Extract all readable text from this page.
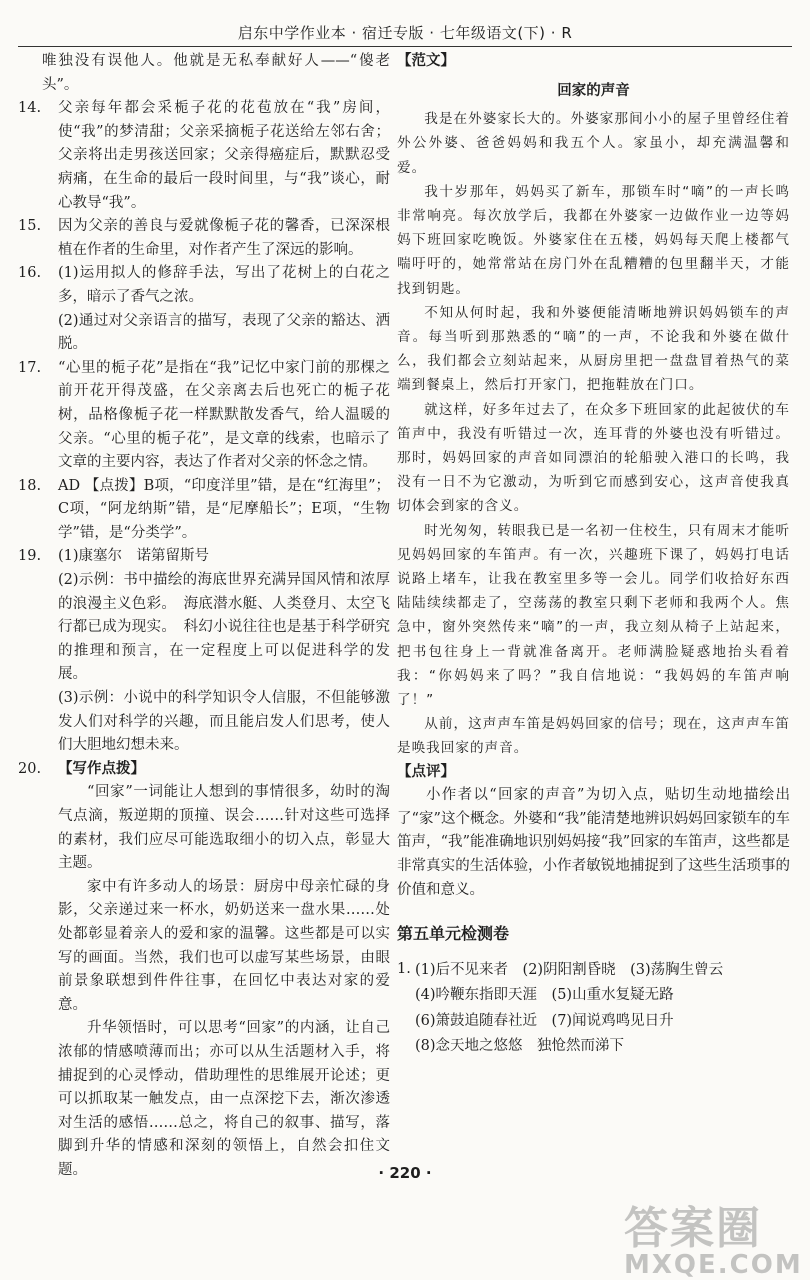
启东中学作业本 · 宿迁专版 · 七年级语文(下) · R

唯独没有误他人。他就是无私奉献好人——“傻老头”。

14.	父亲每年都会采栀子花的花苞放在“我”房间，使“我”的梦清甜；父亲采摘栀子花送给左邻右舍；父亲将出走男孩送回家；父亲得癌症后，默默忍受病痛，在生命的最后一段时间里，与“我”谈心，耐心教导“我”。

15.	因为父亲的善良与爱就像栀子花的馨香，已深深根植在作者的生命里，对作者产生了深远的影响。

16.	(1)运用拟人的修辞手法，写出了花树上的白花之多，暗示了香气之浓。

(2)通过对父亲语言的描写，表现了父亲的豁达、洒脱。

17.	“心里的栀子花”是指在“我”记忆中家门前的那棵之前开花开得茂盛，在父亲离去后也死亡的栀子花树，品格像栀子花一样默默散发香气，给人温暖的父亲。“心里的栀子花”，是文章的线索，也暗示了文章的主要内容，表达了作者对父亲的怀念之情。

18.	AD 【点拨】B项，“印度洋里”错，是在“红海里”；C项，“阿龙纳斯”错，是“尼摩船长”；E项，“生物学”错，是“分类学”。

19.	(1)康塞尔　诺第留斯号

(2)示例：书中描绘的海底世界充满异国风情和浓厚的浪漫主义色彩。　海底潜水艇、人类登月、太空飞行都已成为现实。　科幻小说往往也是基于科学研究的推理和预言，在一定程度上可以促进科学的发展。

(3)示例：小说中的科学知识令人信服，不但能够激发人们对科学的兴趣，而且能启发人们思考，使人们大胆地幻想未来。

20.	【写作点拨】

“回家”一词能让人想到的事情很多，幼时的淘气点滴，叛逆期的顶撞、误会……针对这些可选择的素材，我们应尽可能选取细小的切入点，彰显大主题。

家中有许多动人的场景：厨房中母亲忙碌的身影，父亲递过来一杯水，奶奶送来一盘水果……处处都彰显着亲人的爱和家的温馨。这些都是可以实写的画面。当然，我们也可以虚写某些场景，由眼前景象联想到件件往事，在回忆中表达对家的爱意。

升华领悟时，可以思考“回家”的内涵，让自己浓郁的情感喷薄而出；亦可以从生活题材入手，将捕捉到的心灵悸动，借助理性的思维展开论述；更可以抓取某一触发点，由一点深挖下去，渐次渗透对生活的感悟……总之，将自己的叙事、描写，落脚到升华的情感和深刻的领悟上，自然会扣住文题。

【范文】

回家的声音

我是在外婆家长大的。外婆家那间小小的屋子里曾经住着外公外婆、爸爸妈妈和我五个人。家虽小，却充满温馨和爱。

我十岁那年，妈妈买了新车，那锁车时“嘀”的一声长鸣非常响亮。每次放学后，我都在外婆家一边做作业一边等妈妈下班回家吃晚饭。外婆家住在五楼，妈妈每天爬上楼都气喘吁吁的，她常常站在房门外在乱糟糟的包里翻半天，才能找到钥匙。

不知从何时起，我和外婆便能清晰地辨识妈妈锁车的声音。每当听到那熟悉的“嘀”的一声，不论我和外婆在做什么，我们都会立刻站起来，从厨房里把一盘盘冒着热气的菜端到餐桌上，然后打开家门，把拖鞋放在门口。

就这样，好多年过去了，在众多下班回家的此起彼伏的车笛声中，我没有听错过一次，连耳背的外婆也没有听错过。那时，妈妈回家的声音如同漂泊的轮船驶入港口的长鸣，我没有一日不为它激动，为听到它而感到安心，这声音使我真切体会到家的含义。

时光匆匆，转眼我已是一名初一住校生，只有周末才能听见妈妈回家的车笛声。有一次，兴趣班下课了，妈妈打电话说路上堵车，让我在教室里多等一会儿。同学们收拾好东西陆陆续续都走了，空荡荡的教室只剩下老师和我两个人。焦急中，窗外突然传来“嘀”的一声，我立刻从椅子上站起来，把书包往身上一背就准备离开。老师满脸疑惑地抬头看着我：“你妈妈来了吗？”我自信地说：“我妈妈的车笛声响了！”

从前，这声声车笛是妈妈回家的信号；现在，这声声车笛是唤我回家的声音。

【点评】

小作者以“回家的声音”为切入点，贴切生动地描绘出了“家”这个概念。外婆和“我”能清楚地辨识妈妈回家锁车的车笛声，“我”能准确地识别妈妈接“我”回家的车笛声，这些都是非常真实的生活体验，小作者敏锐地捕捉到了这些生活琐事的价值和意义。

第五单元检测卷
1. (1)后不见来者　(2)阴阳割昏晓　(3)荡胸生曾云

(4)吟鞭东指即天涯　(5)山重水复疑无路

(6)箫鼓追随春社近　(7)闻说鸡鸣见日升

(8)念天地之悠悠　独怆然而涕下

· 220 ·
答案圈
MXQE.COM
